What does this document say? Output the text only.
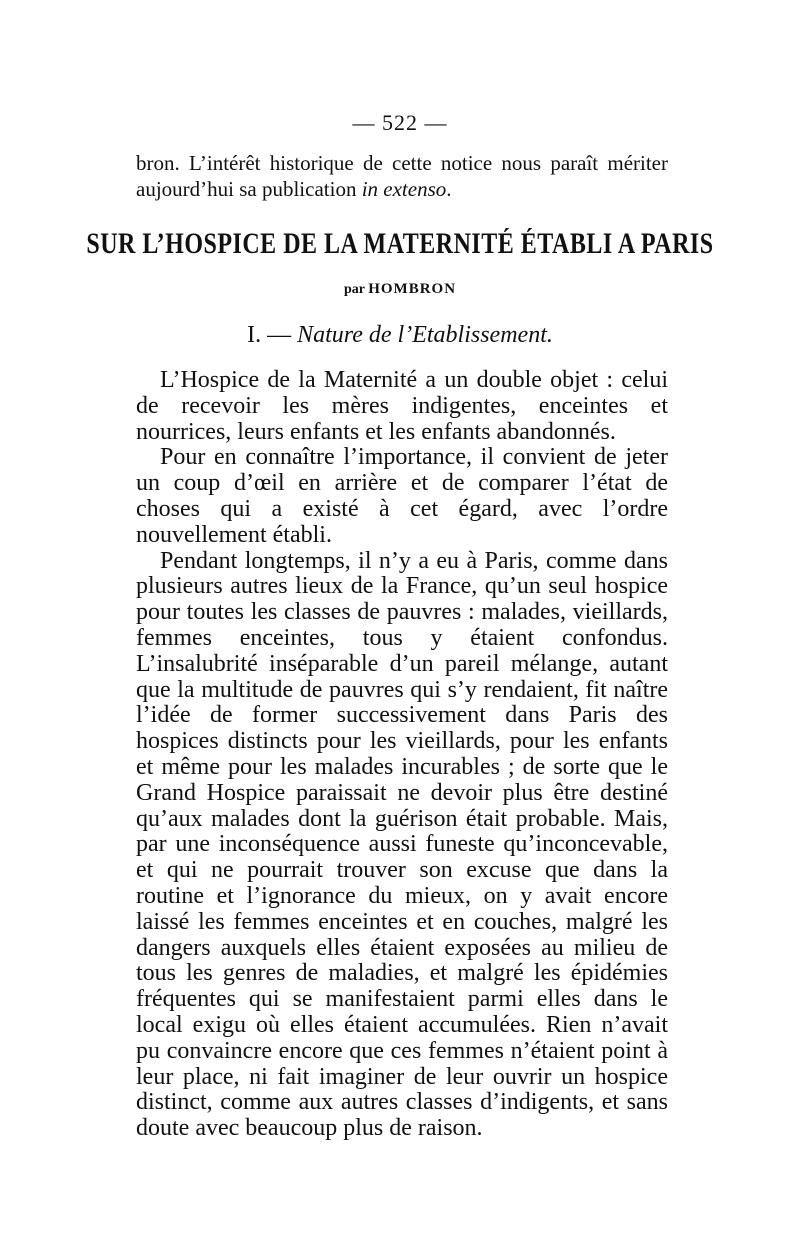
— 522 —
bron. L’intérêt historique de cette notice nous paraît mériter aujourd’hui sa publication in extenso.
SUR L’HOSPICE DE LA MATERNITÉ ÉTABLI A PARIS
par HOMBRON
I. — Nature de l’Etablissement.

L’Hospice de la Maternité a un double objet : celui de recevoir les mères indigentes, enceintes et nourrices, leurs enfants et les enfants abandonnés.

Pour en connaître l’importance, il convient de jeter un coup d’œil en arrière et de comparer l’état de choses qui a existé à cet égard, avec l’ordre nouvellement établi.

Pendant longtemps, il n’y a eu à Paris, comme dans plusieurs autres lieux de la France, qu’un seul hospice pour toutes les classes de pauvres : malades, vieillards, femmes enceintes, tous y étaient confondus. L’insalubrité inséparable d’un pareil mélange, autant que la multitude de pauvres qui s’y rendaient, fit naître l’idée de former successivement dans Paris des hospices distincts pour les vieillards, pour les enfants et même pour les malades incurables ; de sorte que le Grand Hospice paraissait ne devoir plus être destiné qu’aux malades dont la guérison était probable. Mais, par une inconséquence aussi funeste qu’inconcevable, et qui ne pourrait trouver son excuse que dans la routine et l’ignorance du mieux, on y avait encore laissé les femmes enceintes et en couches, malgré les dangers auxquels elles étaient exposées au milieu de tous les genres de maladies, et malgré les épidémies fréquentes qui se manifestaient parmi elles dans le local exigu où elles étaient accumulées. Rien n’avait pu convaincre encore que ces femmes n’étaient point à leur place, ni fait imaginer de leur ouvrir un hospice distinct, comme aux autres classes d’indigents, et sans doute avec beaucoup plus de raison.
